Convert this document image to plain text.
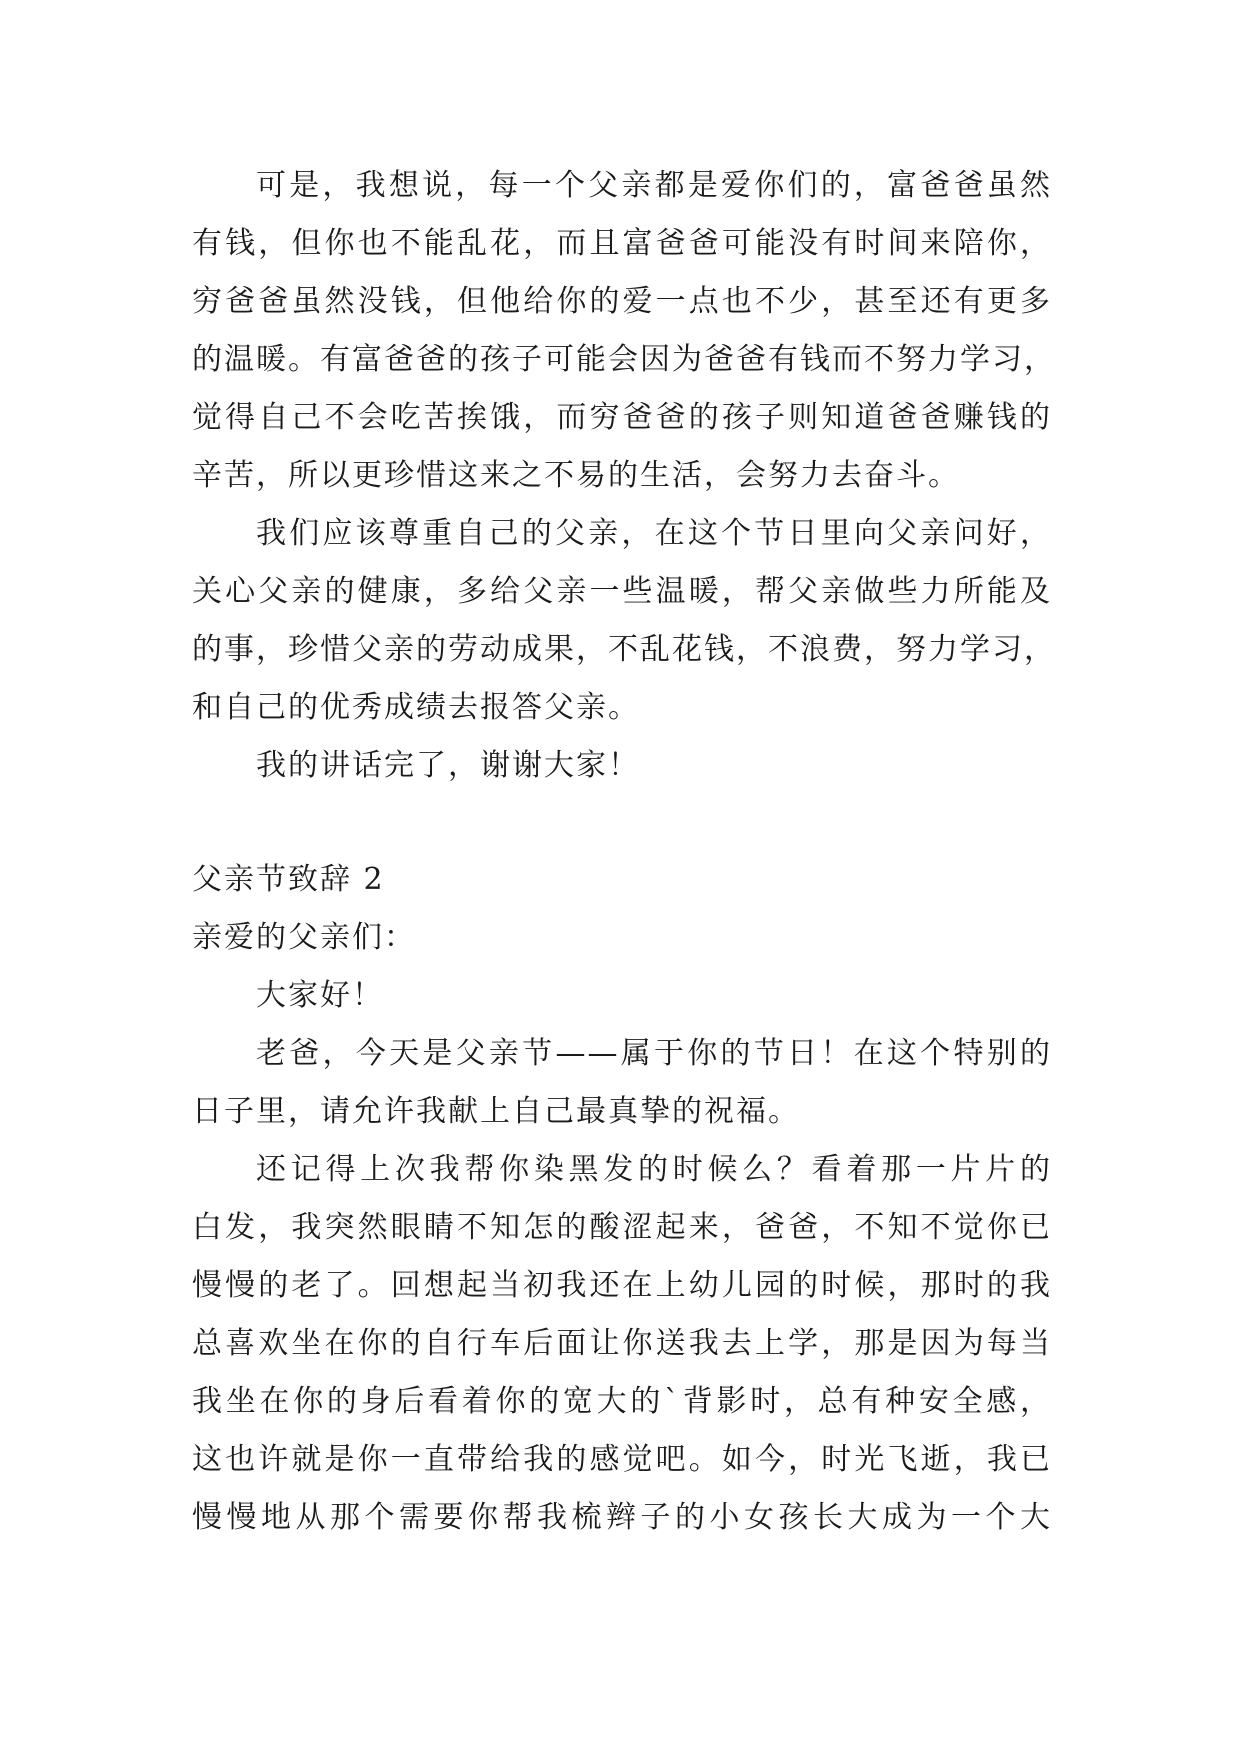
可是，我想说，每一个父亲都是爱你们的，富爸爸虽然
有钱，但你也不能乱花，而且富爸爸可能没有时间来陪你，
穷爸爸虽然没钱，但他给你的爱一点也不少，甚至还有更多
的温暖。有富爸爸的孩子可能会因为爸爸有钱而不努力学习，
觉得自己不会吃苦挨饿，而穷爸爸的孩子则知道爸爸赚钱的
辛苦，所以更珍惜这来之不易的生活，会努力去奋斗。
我们应该尊重自己的父亲，在这个节日里向父亲问好，
关心父亲的健康，多给父亲一些温暖，帮父亲做些力所能及
的事，珍惜父亲的劳动成果，不乱花钱，不浪费，努力学习，
和自己的优秀成绩去报答父亲。
我的讲话完了，谢谢大家！
父亲节致辞 2
亲爱的父亲们：
大家好！
老爸，今天是父亲节——属于你的节日！在这个特别的
日子里，请允许我献上自己最真挚的祝福。
还记得上次我帮你染黑发的时候么？看着那一片片的
白发，我突然眼睛不知怎的酸涩起来，爸爸，不知不觉你已
慢慢的老了。回想起当初我还在上幼儿园的时候，那时的我
总喜欢坐在你的自行车后面让你送我去上学，那是因为每当
我坐在你的身后看着你的宽大的`背影时，总有种安全感，
这也许就是你一直带给我的感觉吧。如今，时光飞逝，我已
慢慢地从那个需要你帮我梳辫子的小女孩长大成为一个大
